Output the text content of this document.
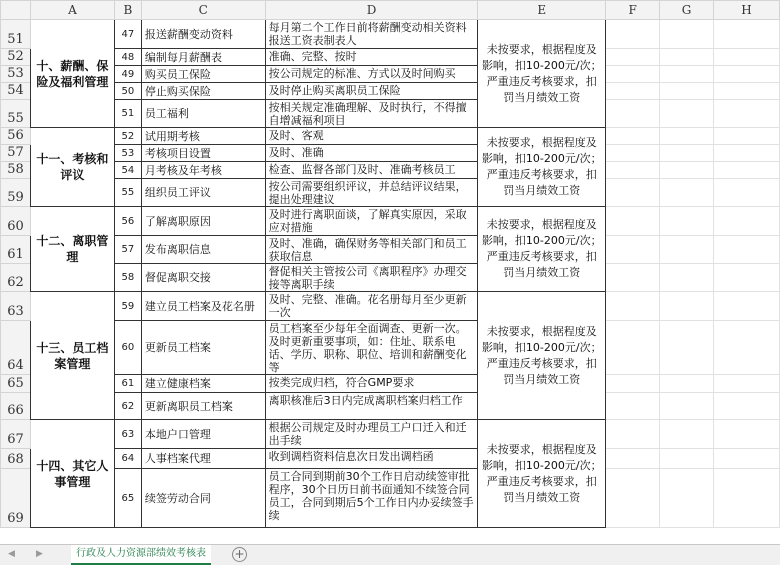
	A	B	C	D	E	F	G	H
51	十、薪酬、保险及福利管理	47	报送薪酬变动资料	每月第二个工作日前将薪酬变动相关资料报送工资表制表人	未按要求，根据程度及影响，扣10-200元/次；严重违反考核要求，扣罚当月绩效工资			
52		48	编制每月薪酬表	准确、完整、按时				
53		49	购买员工保险	按公司规定的标准、方式以及时间购买				
54		50	停止购买保险	及时停止购买离职员工保险				
55		51	员工福利	按相关规定准确理解、及时执行，不得擅自增减福利项目				
56	十一、考核和评议	52	试用期考核	及时、客观	未按要求，根据程度及影响，扣10-200元/次；严重违反考核要求，扣罚当月绩效工资			
57		53	考核项目设置	及时、准确				
58		54	月考核及年考核	检查、监督各部门及时、准确考核员工				
59		55	组织员工评议	按公司需要组织评议，并总结评议结果，提出处理建议				
60	十二、离职管理	56	了解离职原因	及时进行离职面谈，了解真实原因，采取应对措施	未按要求，根据程度及影响，扣10-200元/次；严重违反考核要求，扣罚当月绩效工资			
61		57	发布离职信息	及时、准确，确保财务等相关部门和员工获取信息				
62		58	督促离职交接	督促相关主管按公司《离职程序》办理交接等离职手续				
63	十三、员工档案管理	59	建立员工档案及花名册	及时、完整、准确。花名册每月至少更新一次	未按要求，根据程度及影响，扣10-200元/次；严重违反考核要求，扣罚当月绩效工资			
64		60	更新员工档案	员工档案至少每年全面调查、更新一次。及时更新重要事项，如：住址、联系电话、学历、职称、职位、培训和薪酬变化等				
65		61	建立健康档案	按类完成归档，符合GMP要求				
66		62	更新离职员工档案	离职核准后3日内完成离职档案归档工作				
67	十四、其它人事管理	63	本地户口管理	根据公司规定及时办理员工户口迁入和迁出手续	未按要求，根据程度及影响，扣10-200元/次；严重违反考核要求，扣罚当月绩效工资			
68		64	人事档案代理	收到调档资料信息次日发出调档函				
69		65	续签劳动合同	员工合同到期前30个工作日启动续签审批程序，30个日历日前书面通知不续签合同员工，合同到期后5个工作日内办妥续签手续				
◀ ▶	行政及人力资源部绩效考核表	+
